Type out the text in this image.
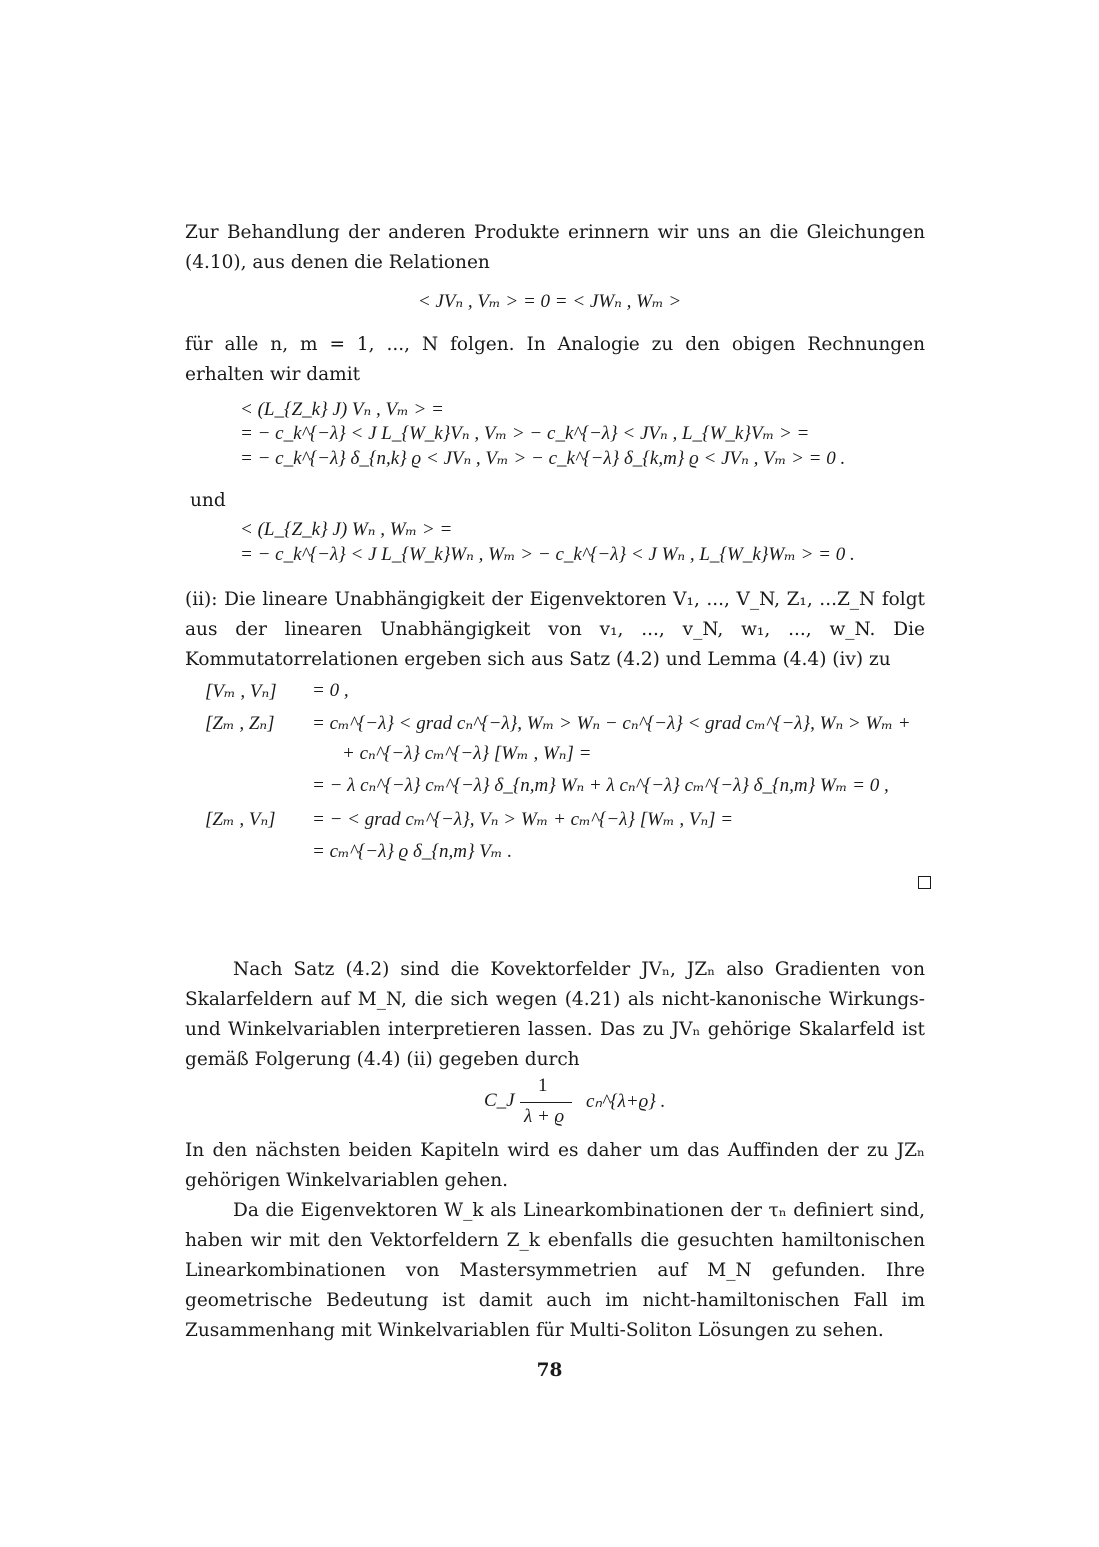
Zur Behandlung der anderen Produkte erinnern wir uns an die Gleichungen (4.10), aus denen die Relationen
< JVₙ , Vₘ > = 0 = < JWₙ , Wₘ >
für alle n, m = 1, ..., N folgen. In Analogie zu den obigen Rechnungen erhalten wir damit
< (L_{Z_k} J) Vₙ , Vₘ > =
= − c_k^{−λ} < J L_{W_k}Vₙ , Vₘ > − c_k^{−λ} < JVₙ , L_{W_k}Vₘ > =
= − c_k^{−λ} δ_{n,k} ϱ < JVₙ , Vₘ > − c_k^{−λ} δ_{k,m} ϱ < JVₙ , Vₘ > = 0 .
und
< (L_{Z_k} J) Wₙ , Wₘ > =
= − c_k^{−λ} < J L_{W_k}Wₙ , Wₘ > − c_k^{−λ} < J Wₙ , L_{W_k}Wₘ > = 0 .
(ii): Die lineare Unabhängigkeit der Eigenvektoren V₁, ..., V_N, Z₁, ...Z_N folgt aus der linearen Unabhängigkeit von v₁, ..., v_N, w₁, ..., w_N. Die Kommutatorrelationen ergeben sich aus Satz (4.2) und Lemma (4.4) (iv) zu
[Vₘ , Vₙ] = 0 ,
[Zₘ , Zₙ] = cₘ^{−λ} < grad cₙ^{−λ}, Wₘ > Wₙ − cₙ^{−λ} < grad cₘ^{−λ}, Wₙ > Wₘ +
+ cₙ^{−λ} cₘ^{−λ} [Wₘ , Wₙ] =
= − λ cₙ^{−λ} cₘ^{−λ} δ_{n,m} Wₙ + λ cₙ^{−λ} cₘ^{−λ} δ_{n,m} Wₘ = 0 ,
[Zₘ , Vₙ] = − < grad cₘ^{−λ}, Vₙ > Wₘ + cₘ^{−λ} [Wₘ , Vₙ] =
= cₘ^{−λ} ϱ δ_{n,m} Vₘ .
Nach Satz (4.2) sind die Kovektorfelder JVₙ, JZₙ also Gradienten von Skalarfeldern auf M_N, die sich wegen (4.21) als nicht-kanonische Wirkungs- und Winkelvariablen interpretieren lassen. Das zu JVₙ gehörige Skalarfeld ist gemäß Folgerung (4.4) (ii) gegeben durch
C_J
1
λ + ϱ
cₙ^{λ+ϱ} .
In den nächsten beiden Kapiteln wird es daher um das Auffinden der zu JZₙ gehörigen Winkelvariablen gehen.
Da die Eigenvektoren W_k als Linearkombinationen der τₙ definiert sind, haben wir mit den Vektorfeldern Z_k ebenfalls die gesuchten hamiltonischen Linearkombinationen von Mastersymmetrien auf M_N gefunden. Ihre geometrische Bedeutung ist damit auch im nicht-hamiltonischen Fall im Zusammenhang mit Winkelvariablen für Multi-Soliton Lösungen zu sehen.
78
